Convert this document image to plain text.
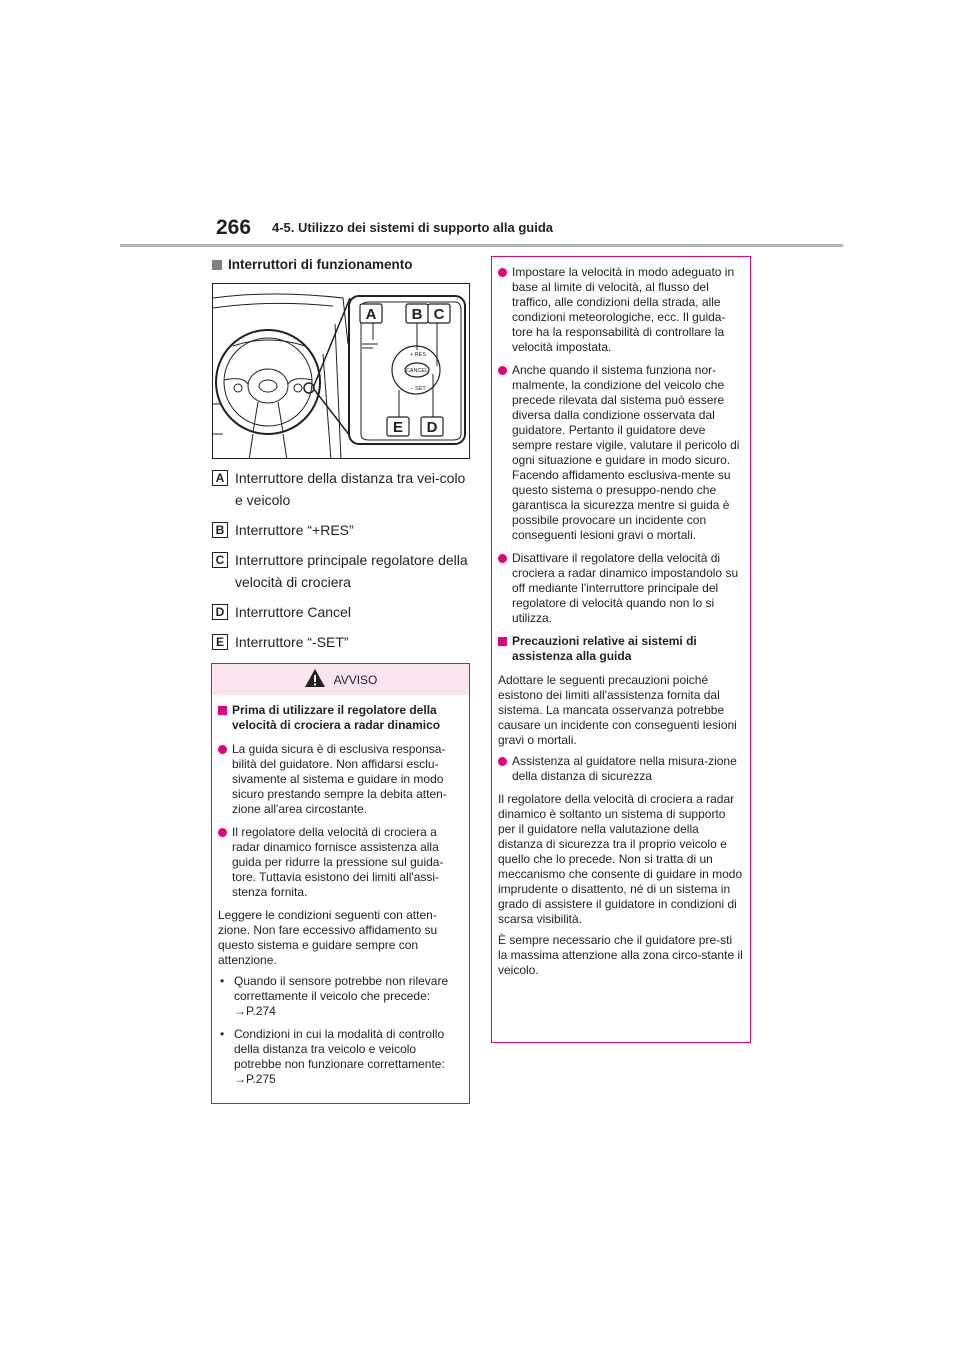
266 4-5. Utilizzo dei sistemi di supporto alla guida
Interruttori di funzionamento
A B C
E D
+ RES
CANCEL
− SET
A Interruttore della distanza tra vei-colo e veicolo
B Interruttore “+RES”
C Interruttore principale regolatore della velocità di crociera
D Interruttore Cancel
E Interruttore “-SET”
AVVISO
Prima di utilizzare il regolatore della velocità di crociera a radar dinamico
La guida sicura è di esclusiva responsa-bilità del guidatore. Non affidarsi esclu-sivamente al sistema e guidare in modo sicuro prestando sempre la debita atten-zione all'area circostante.
Il regolatore della velocità di crociera a radar dinamico fornisce assistenza alla guida per ridurre la pressione sul guida-tore. Tuttavia esistono dei limiti all'assi-stenza fornita.
Leggere le condizioni seguenti con atten-zione. Non fare eccessivo affidamento su questo sistema e guidare sempre con attenzione.
• Quando il sensore potrebbe non rilevare correttamente il veicolo che precede:
→P.274
• Condizioni in cui la modalità di controllo della distanza tra veicolo e veicolo potrebbe non funzionare correttamente:
→P.275
Impostare la velocità in modo adeguato in base al limite di velocità, al flusso del traffico, alle condizioni della strada, alle condizioni meteorologiche, ecc. Il guida-tore ha la responsabilità di controllare la velocità impostata.
Anche quando il sistema funziona nor-malmente, la condizione del veicolo che precede rilevata dal sistema può essere diversa dalla condizione osservata dal guidatore. Pertanto il guidatore deve sempre restare vigile, valutare il pericolo di ogni situazione e guidare in modo sicuro. Facendo affidamento esclusiva-mente su questo sistema o presuppo-nendo che garantisca la sicurezza mentre si guida è possibile provocare un incidente con conseguenti lesioni gravi o mortali.
Disattivare il regolatore della velocità di crociera a radar dinamico impostandolo su off mediante l'interruttore principale del regolatore di velocità quando non lo si utilizza.
Precauzioni relative ai sistemi di assistenza alla guida
Adottare le seguenti precauzioni poiché esistono dei limiti all'assistenza fornita dal sistema. La mancata osservanza potrebbe causare un incidente con conseguenti lesioni gravi o mortali.
Assistenza al guidatore nella misura-zione della distanza di sicurezza
Il regolatore della velocità di crociera a radar dinamico è soltanto un sistema di supporto per il guidatore nella valutazione della distanza di sicurezza tra il proprio veicolo e quello che lo precede. Non si tratta di un meccanismo che consente di guidare in modo imprudente o disattento, né di un sistema in grado di assistere il guidatore in condizioni di scarsa visibilità.
È sempre necessario che il guidatore pre-sti la massima attenzione alla zona circo-stante il veicolo.
